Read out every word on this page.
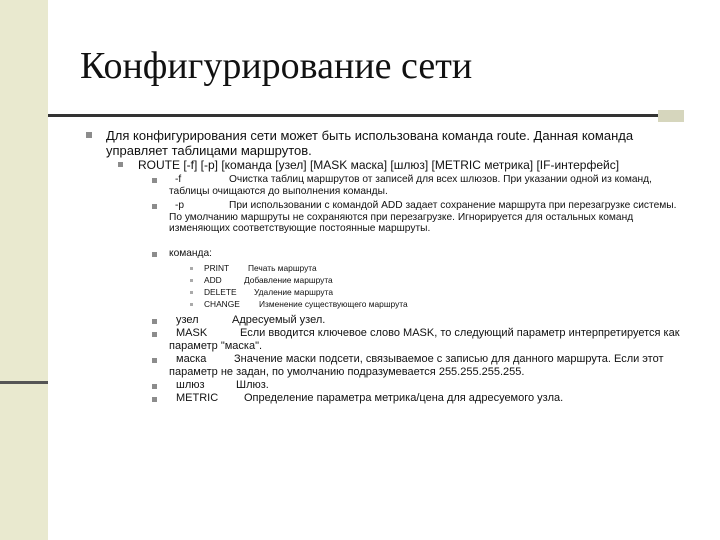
Конфигурирование сети
Для конфигурирования сети может быть использована команда route. Данная команда управляет таблицами маршрутов.
ROUTE [-f] [-p] [команда [узел] [MASK маска] [шлюз] [METRIC метрика] [IF-интерфейс]
-f	Очистка таблиц маршрутов от записей для всех шлюзов. При указании одной из команд, таблицы очищаются до выполнения команды.
-p	При использовании с командой ADD задает сохранение маршрута при перезагрузке системы. По умолчанию маршруты не сохраняются при перезагрузке. Игнорируется для остальных команд изменяющих соответствующие постоянные маршруты.
команда:
PRINT Печать маршрута
ADD	Добавление маршрута
DELETE Удаление маршрута
CHANGE Изменение существующего маршрута
узел	Адресуемый узел.
MASK	Если вводится ключевое слово MASK, то следующий параметр интерпретируется как параметр "маска".
маска	Значение маски подсети, связываемое с записью для данного маршрута. Если этот параметр не задан, по умолчанию подразумевается 255.255.255.255.
шлюз	Шлюз.
METRIC Определение параметра метрика/цена для адресуемого узла.
